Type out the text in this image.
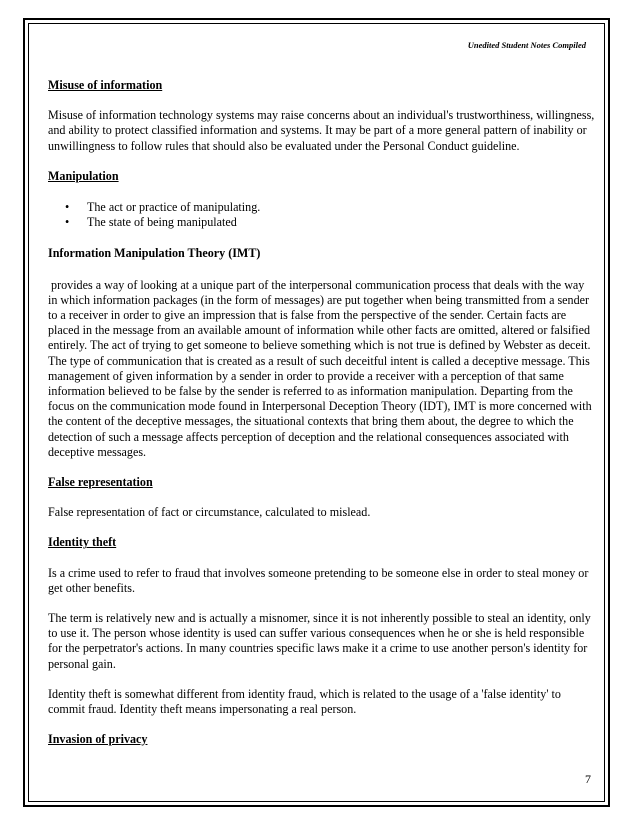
Unedited Student Notes Compiled

Misuse of information

Misuse of information technology systems may raise concerns about an individual's trustworthiness, willingness, and ability to protect classified information and systems. It may be part of a more general pattern of inability or unwillingness to follow rules that should also be evaluated under the Personal Conduct guideline.

Manipulation

• The act or practice of manipulating.
• The state of being manipulated

Information Manipulation Theory (IMT)

provides a way of looking at a unique part of the interpersonal communication process that deals with the way in which information packages (in the form of messages) are put together when being transmitted from a sender to a receiver in order to give an impression that is false from the perspective of the sender. Certain facts are placed in the message from an available amount of information while other facts are omitted, altered or falsified entirely. The act of trying to get someone to believe something which is not true is defined by Webster as deceit. The type of communication that is created as a result of such deceitful intent is called a deceptive message. This management of given information by a sender in order to provide a receiver with a perception of that same information believed to be false by the sender is referred to as information manipulation. Departing from the focus on the communication mode found in Interpersonal Deception Theory (IDT), IMT is more concerned with the content of the deceptive messages, the situational contexts that bring them about, the degree to which the detection of such a message affects perception of deception and the relational consequences associated with deceptive messages.

False representation

False representation of fact or circumstance, calculated to mislead.

Identity theft

Is a crime used to refer to fraud that involves someone pretending to be someone else in order to steal money or get other benefits.

The term is relatively new and is actually a misnomer, since it is not inherently possible to steal an identity, only to use it. The person whose identity is used can suffer various consequences when he or she is held responsible for the perpetrator's actions. In many countries specific laws make it a crime to use another person's identity for personal gain.

Identity theft is somewhat different from identity fraud, which is related to the usage of a 'false identity' to commit fraud. Identity theft means impersonating a real person.

Invasion of privacy

7
